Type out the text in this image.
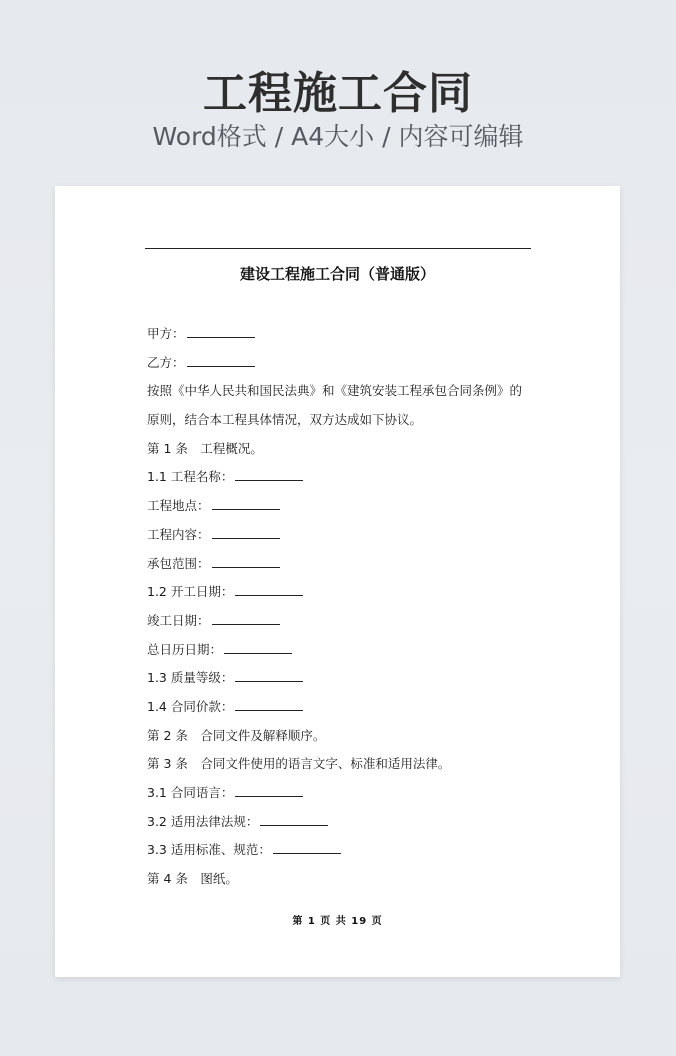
工程施工合同
Word格式 / A4大小 / 内容可编辑
建设工程施工合同（普通版）
甲方：
乙方：
按照《中华人民共和国民法典》和《建筑安装工程承包合同条例》的
原则，结合本工程具体情况，双方达成如下协议。
第 1 条　工程概况。
1.1 工程名称：
工程地点：
工程内容：
承包范围：
1.2 开工日期：
竣工日期：
总日历日期：
1.3 质量等级：
1.4 合同价款：
第 2 条　合同文件及解释顺序。
第 3 条　合同文件使用的语言文字、标准和适用法律。
3.1 合同语言：
3.2 适用法律法规：
3.3 适用标准、规范：
第 4 条　图纸。
第 1 页 共 19 页
